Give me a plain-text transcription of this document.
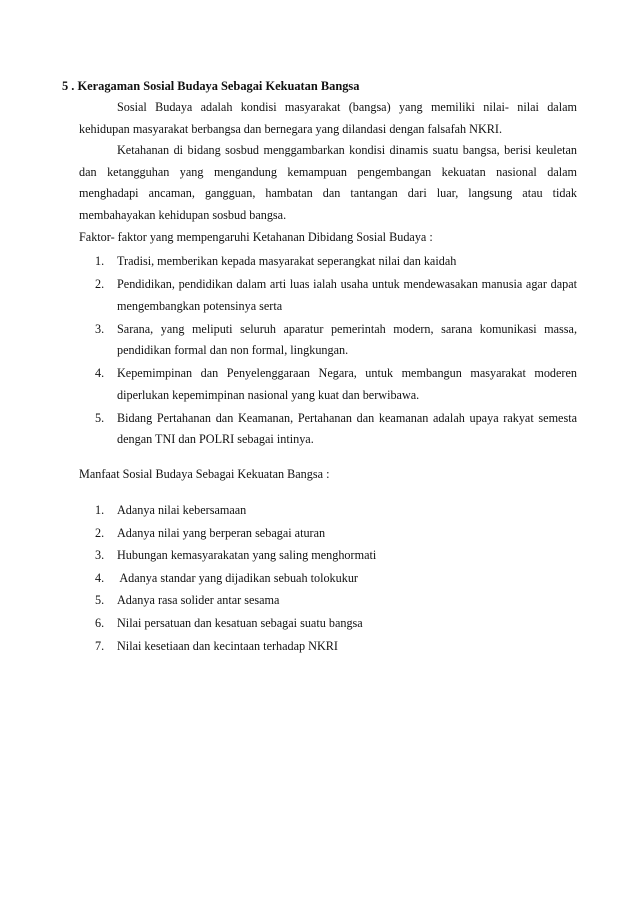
5 . Keragaman Sosial Budaya Sebagai Kekuatan Bangsa
Sosial Budaya adalah kondisi masyarakat (bangsa) yang memiliki nilai- nilai dalam kehidupan masyarakat berbangsa dan bernegara yang dilandasi dengan falsafah NKRI.
Ketahanan di bidang sosbud menggambarkan kondisi dinamis suatu bangsa, berisi keuletan dan ketangguhan yang mengandung kemampuan pengembangan kekuatan nasional dalam menghadapi ancaman, gangguan, hambatan dan tantangan dari luar, langsung atau tidak membahayakan kehidupan sosbud bangsa.
Faktor- faktor yang mempengaruhi Ketahanan Dibidang Sosial Budaya :
1. Tradisi, memberikan kepada masyarakat seperangkat nilai dan kaidah
2. Pendidikan, pendidikan dalam arti luas ialah usaha untuk mendewasakan manusia agar dapat mengembangkan potensinya serta
3. Sarana, yang meliputi seluruh aparatur pemerintah modern, sarana komunikasi massa, pendidikan formal dan non formal, lingkungan.
4. Kepemimpinan dan Penyelenggaraan Negara, untuk membangun masyarakat moderen diperlukan kepemimpinan nasional yang kuat dan berwibawa.
5. Bidang Pertahanan dan Keamanan, Pertahanan dan keamanan adalah upaya rakyat semesta dengan TNI dan POLRI sebagai intinya.
Manfaat Sosial Budaya Sebagai Kekuatan Bangsa :
1. Adanya nilai kebersamaan
2. Adanya nilai yang berperan sebagai aturan
3. Hubungan kemasyarakatan yang saling menghormati
4. Adanya standar yang dijadikan sebuah tolokukur
5. Adanya rasa solider antar sesama
6. Nilai persatuan dan kesatuan sebagai suatu bangsa
7. Nilai kesetiaan dan kecintaan terhadap NKRI
